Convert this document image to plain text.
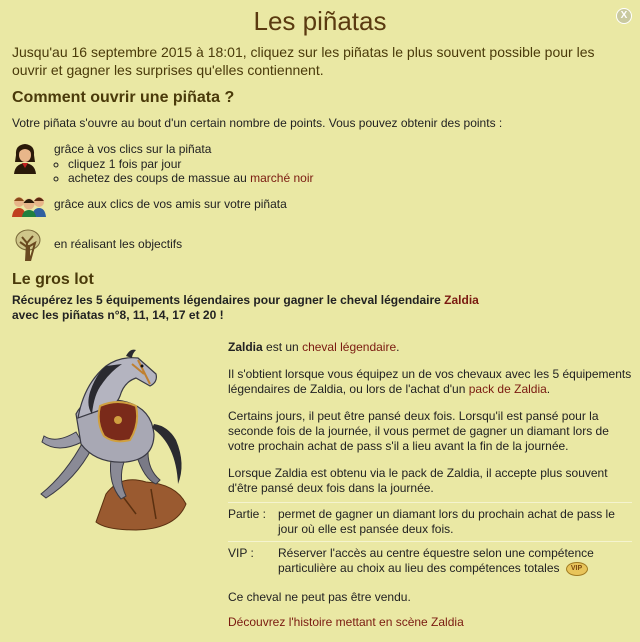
X
Les piñatas
Jusqu'au 16 septembre 2015 à 18:01, cliquez sur les piñatas le plus souvent possible pour les ouvrir et gagner les surprises qu'elles contiennent.
Comment ouvrir une piñata ?
Votre piñata s'ouvre au bout d'un certain nombre de points. Vous pouvez obtenir des points :
grâce à vos clics sur la piñata
◦ cliquez 1 fois par jour
◦ achetez des coups de massue au marché noir
grâce aux clics de vos amis sur votre piñata
en réalisant les objectifs
Le gros lot
Récupérez les 5 équipements légendaires pour gagner le cheval légendaire Zaldia
avec les piñatas n°8, 11, 14, 17 et 20 !

Zaldia est un cheval légendaire.

Il s'obtient lorsque vous équipez un de vos chevaux avec les 5 équipements légendaires de Zaldia, ou lors de l'achat d'un pack de Zaldia.

Certains jours, il peut être pansé deux fois. Lorsqu'il est pansé pour la seconde fois de la journée, il vous permet de gagner un diamant lors de votre prochain achat de pass s'il a lieu avant la fin de la journée.

Lorsque Zaldia est obtenu via le pack de Zaldia, il accepte plus souvent d'être pansé deux fois dans la journée.

Partie : permet de gagner un diamant lors du prochain achat de pass le jour où elle est pansée deux fois.
VIP :	Réserver l'accès au centre équestre selon une compétence particulière au choix au lieu des compétences totales VIP

Ce cheval ne peut pas être vendu.

Découvrez l'histoire mettant en scène Zaldia
